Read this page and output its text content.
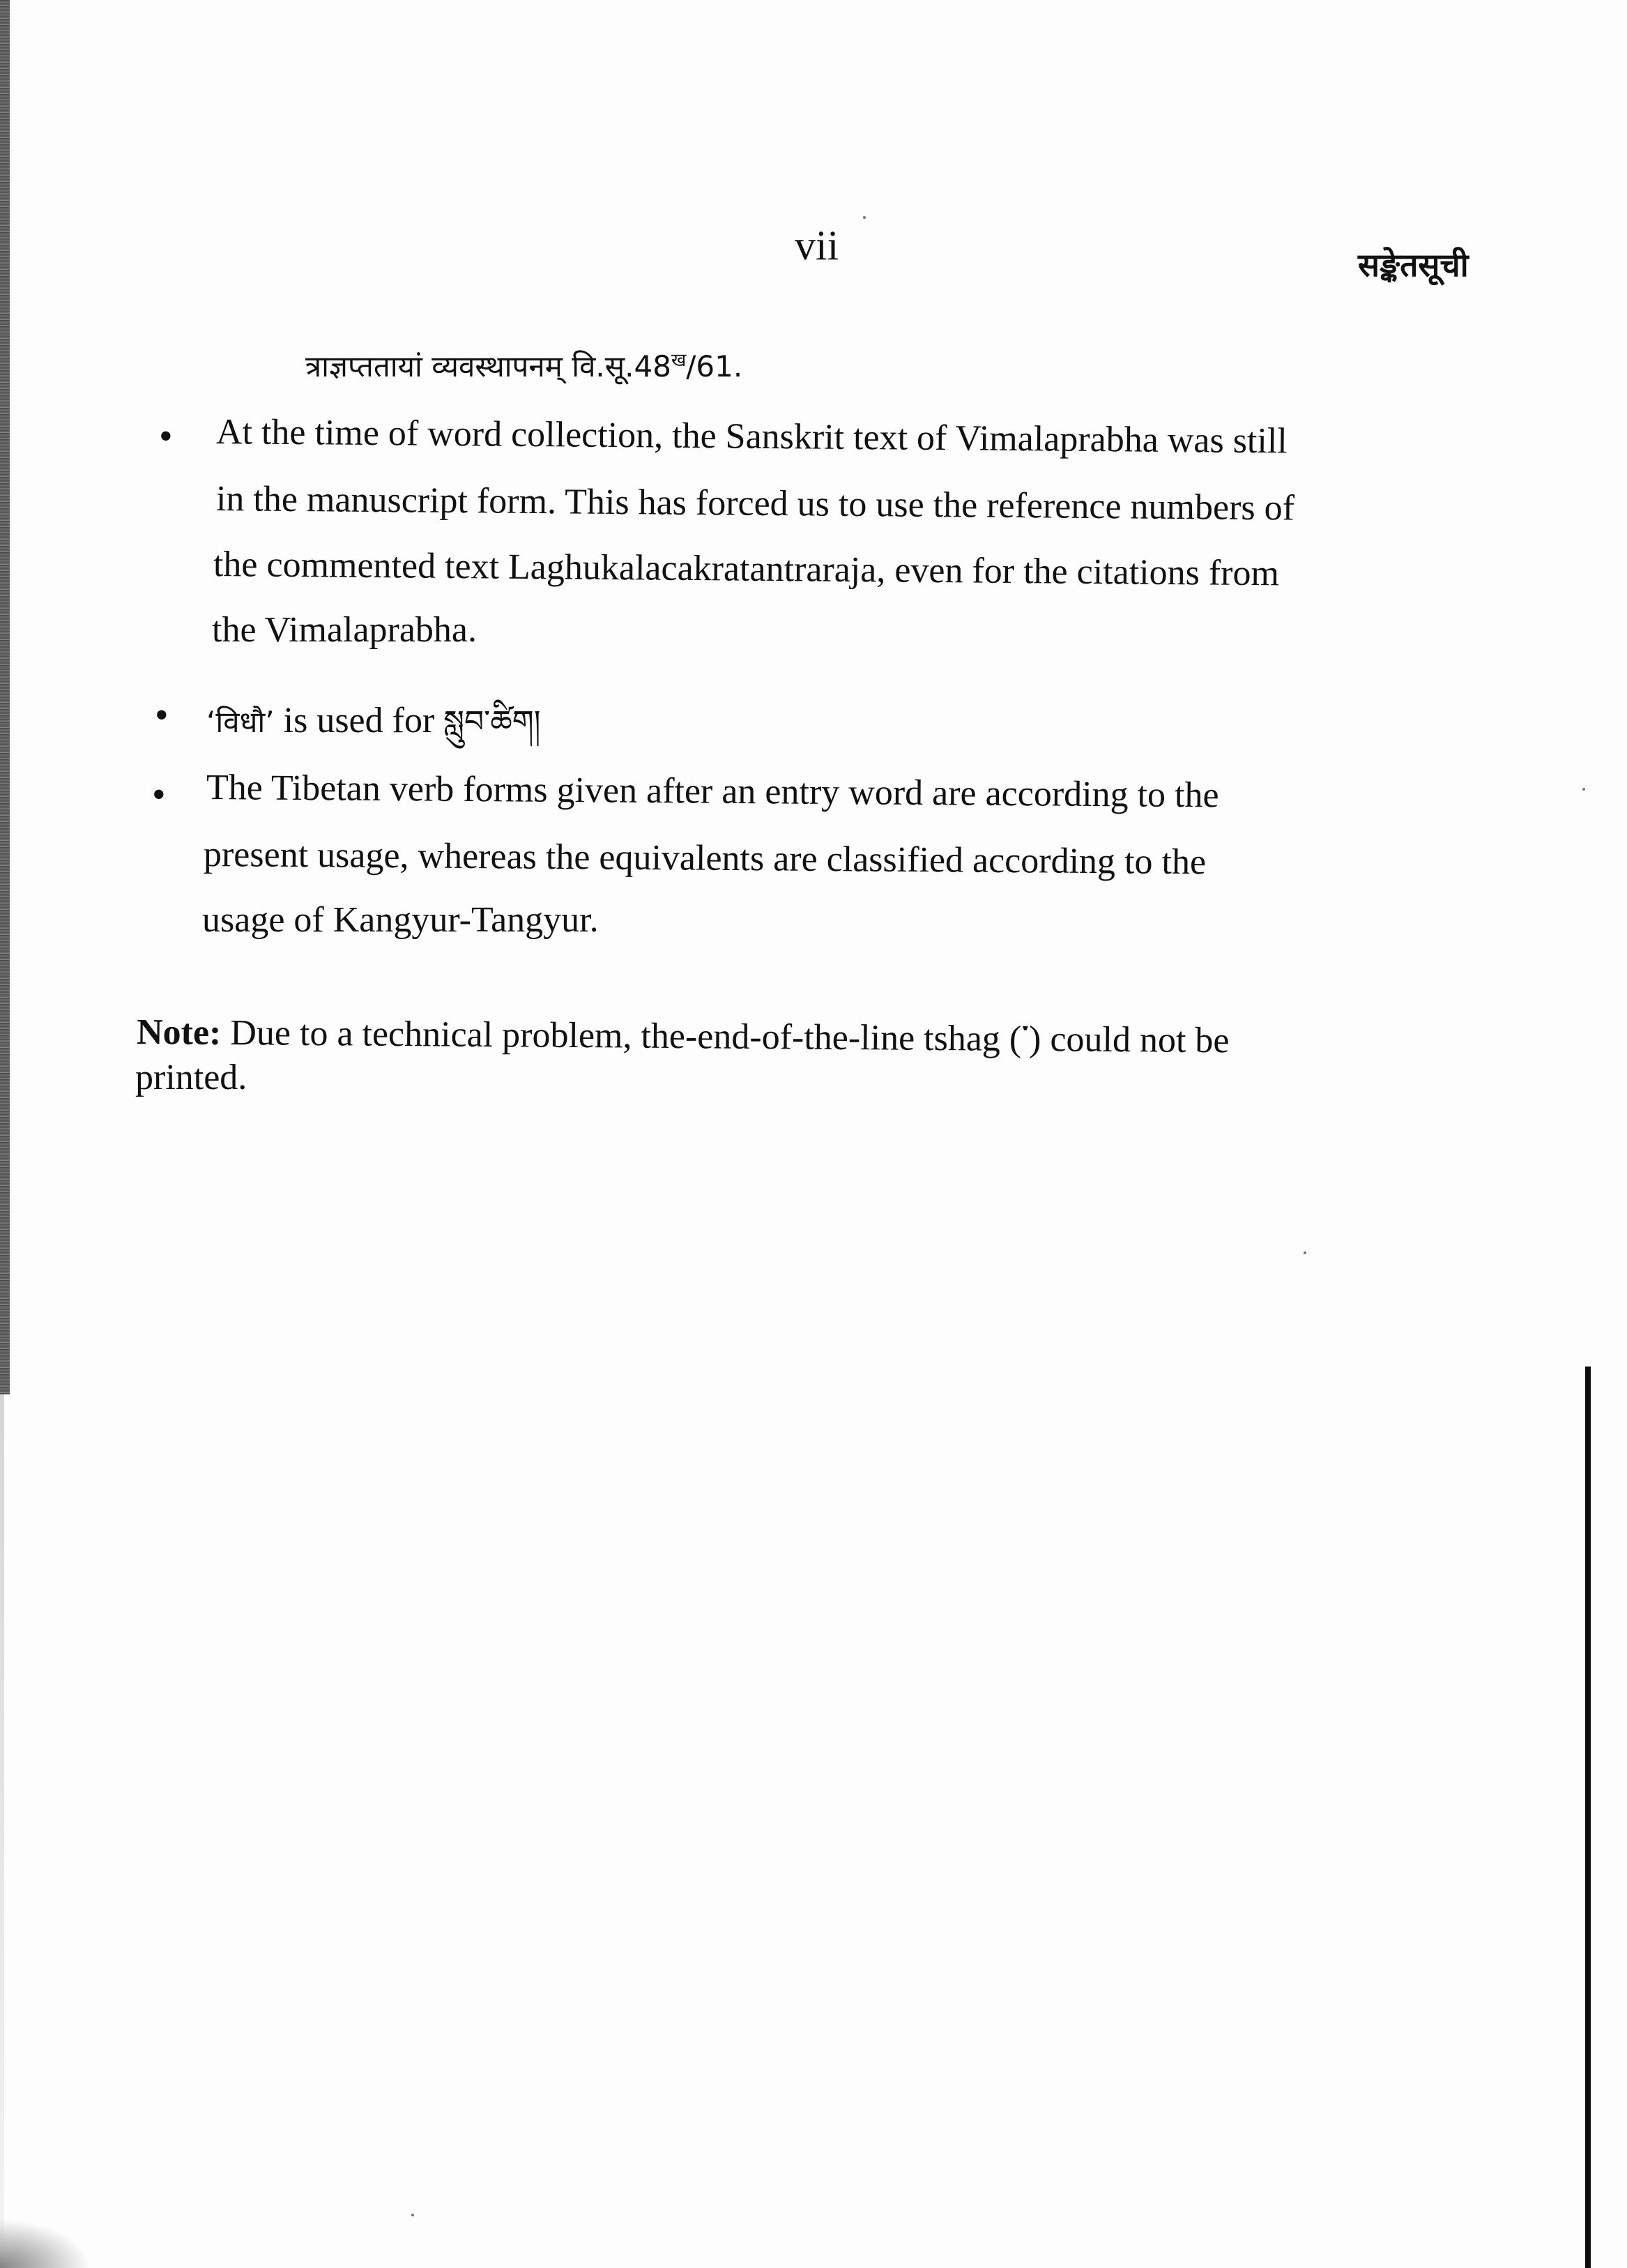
vii	सङ्केतसूची
त्राज्ञप्ततायां व्यवस्थापनम् $वि.सू.48^ख/61$.
• At the time of word collection, the Sanskrit text of Vimalaprabha was still
in the manuscript form. This has forced us to use the reference numbers of
the commented text Laghukalacakratantraraja, even for the citations from
the Vimalaprabha.
• ‘विधौ’ is used for སླུབ་ཚིག།
• The Tibetan verb forms given after an entry word are according to the
present usage, whereas the equivalents are classified according to the
usage of Kangyur-Tangyur.
Note: Due to a technical problem, the-end-of-the-line tshag (་) could not be
printed.
